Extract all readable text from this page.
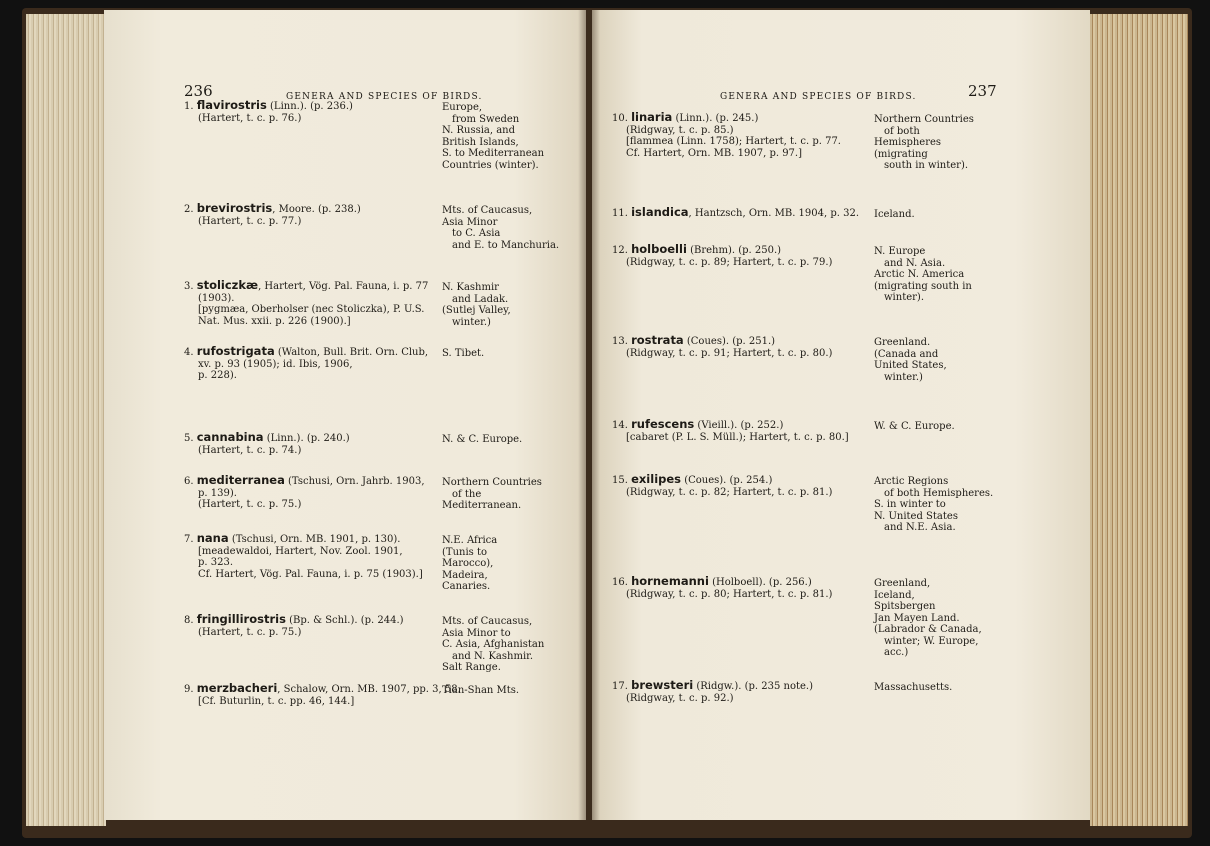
236	GENERA AND SPECIES OF BIRDS.
1. flavirostris (Linn.). (p. 236.)
(Hartert, t. c. p. 76.)
Europe,
from Sweden
N. Russia, and
British Islands,
S. to Mediterranean
Countries (winter).
2. brevirostris, Moore. (p. 238.)
(Hartert, t. c. p. 77.)
Mts. of Caucasus,
Asia Minor
to C. Asia
and E. to Manchuria.
3. stoliczkæ, Hartert, Vög. Pal. Fauna, i. p. 77
(1903).
[pygmæa, Oberholser (nec Stoliczka), P. U.S.
Nat. Mus. xxii. p. 226 (1900).]
N. Kashmir
and Ladak.
(Sutlej Valley,
winter.)
4. rufostrigata (Walton, Bull. Brit. Orn. Club,
xv. p. 93 (1905); id. Ibis, 1906,
p. 228).
S. Tibet.
5. cannabina (Linn.). (p. 240.)
(Hartert, t. c. p. 74.)
N. & C. Europe.
6. mediterranea (Tschusi, Orn. Jahrb. 1903,
p. 139).
(Hartert, t. c. p. 75.)
Northern Countries
of the
Mediterranean.
7. nana (Tschusi, Orn. MB. 1901, p. 130).
[meadewaldoi, Hartert, Nov. Zool. 1901,
p. 323.
Cf. Hartert, Vög. Pal. Fauna, i. p. 75 (1903).]
N.E. Africa
(Tunis to
Marocco),
Madeira,
Canaries.
8. fringillirostris (Bp. & Schl.). (p. 244.)
(Hartert, t. c. p. 75.)
Mts. of Caucasus,
Asia Minor to
C. Asia, Afghanistan
and N. Kashmir.
Salt Range.
9. merzbacheri, Schalow, Orn. MB. 1907, pp. 3, 58.
[Cf. Buturlin, t. c. pp. 46, 144.]
Tian-Shan Mts.
GENERA AND SPECIES OF BIRDS.	237
10. linaria (Linn.). (p. 245.)
(Ridgway, t. c. p. 85.)
[flammea (Linn. 1758); Hartert, t. c. p. 77.
Cf. Hartert, Orn. MB. 1907, p. 97.]
Northern Countries
of both
Hemispheres
(migrating
south in winter).
11. islandica, Hantzsch, Orn. MB. 1904, p. 32. Iceland.
12. holboelli (Brehm). (p. 250.)
(Ridgway, t. c. p. 89; Hartert, t. c. p. 79.)
N. Europe
and N. Asia.
Arctic N. America
(migrating south in
winter).
13. rostrata (Coues). (p. 251.)
(Ridgway, t. c. p. 91; Hartert, t. c. p. 80.)
Greenland.
(Canada and
United States,
winter.)
14. rufescens (Vieill.). (p. 252.)
[cabaret (P. L. S. Müll.); Hartert, t. c. p. 80.]
W. & C. Europe.
15. exilipes (Coues). (p. 254.)
(Ridgway, t. c. p. 82; Hartert, t. c. p. 81.)
Arctic Regions
of both Hemispheres.
S. in winter to
N. United States
and N.E. Asia.
16. hornemanni (Holboell). (p. 256.)
(Ridgway, t. c. p. 80; Hartert, t. c. p. 81.)
Greenland,
Iceland,
Spitsbergen
Jan Mayen Land.
(Labrador & Canada,
winter; W. Europe,
acc.)
17. brewsteri (Ridgw.). (p. 235 note.)
(Ridgway, t. c. p. 92.)
Massachusetts.
